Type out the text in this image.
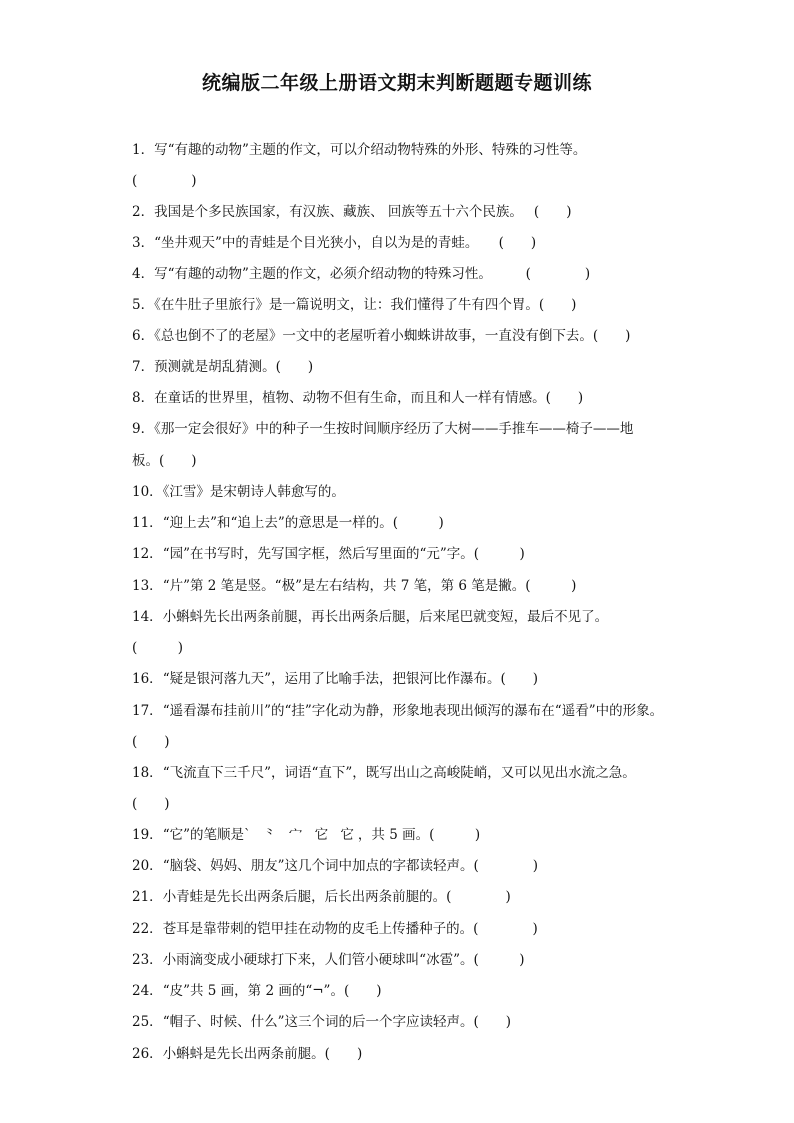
统编版二年级上册语文期末判断题题专题训练
1．写“有趣的动物”主题的作文，可以介绍动物特殊的外形、特殊的习性等。
(　　　　)
2．我国是个多民族国家，有汉族、藏族、 回族等五十六个民族。　 (　　)
3．“坐井观天”中的青蛙是个目光狭小，自以为是的青蛙。　　(　　)
4．写“有趣的动物”主题的作文，必须介绍动物的特殊习性。　　　(　　　　)
5．《在牛肚子里旅行》是一篇说明文，让：我们懂得了牛有四个胃。(　　)
6．《总也倒不了的老屋》一文中的老屋听着小蜘蛛讲故事，一直没有倒下去。(　　)
7．预测就是胡乱猜测。(　　)
8．在童话的世界里，植物、动物不但有生命，而且和人一样有情感。(　　)
9．《那一定会很好》中的种子一生按时间顺序经历了大树——手推车——椅子——地
板。(　　)
10．《江雪》是宋朝诗人韩愈写的。
11．“迎上去”和“追上去”的意思是一样的。(　　　)
12．“园”在书写时，先写国字框，然后写里面的“元”字。(　　　)
13．“片”第 2 笔是竖。“极”是左右结构，共 7 笔，第 6 笔是撇。(　　　)
14．小蝌蚪先长出两条前腿，再长出两条后腿，后来尾巴就变短，最后不见了。
(　　　)
16．“疑是银河落九天”，运用了比喻手法，把银河比作瀑布。(　　)
17．“遥看瀑布挂前川”的“挂”字化动为静，形象地表现出倾泻的瀑布在“遥看”中的形象。
(　　)
18．“飞流直下三千尺”，词语“直下”，既写出山之高峻陡峭，又可以见出水流之急。
(　　)
19．“它”的笔顺是` ⺀ 宀 它 它，共 5 画。(　　　)
20．“脑袋、妈妈、朋友”这几个词中加点的字都读轻声。(　　　　)
21．小青蛙是先长出两条后腿，后长出两条前腿的。(　　　　)
22．苍耳是靠带刺的铠甲挂在动物的皮毛上传播种子的。(　　　　)
23．小雨滴变成小硬球打下来，人们管小硬球叫“冰雹”。(　　　)
24．“皮”共 5 画，第 2 画的“¬”。(　　)
25．“帽子、时候、什么”这三个词的后一个字应读轻声。(　　)
26．小蝌蚪是先长出两条前腿。(　　)
